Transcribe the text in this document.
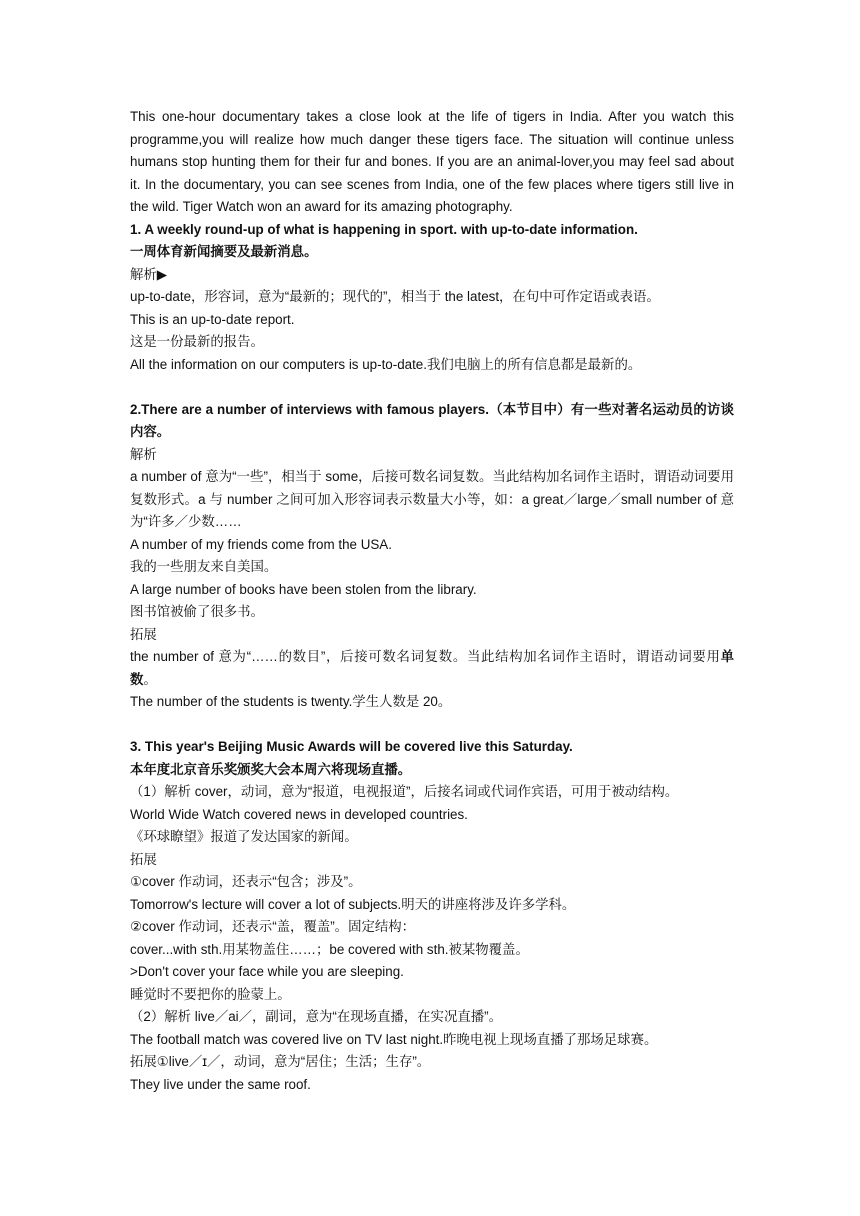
This one-hour documentary takes a close look at the life of tigers in India. After you watch this programme,you will realize how much danger these tigers face. The situation will continue unless humans stop hunting them for their fur and bones. If you are an animal-lover,you may feel sad about it. In the documentary, you can see scenes from India, one of the few places where tigers still live in the wild. Tiger Watch won an award for its amazing photography.

1. A weekly round-up of what is happening in sport. with up-to-date information.

一周体育新闻摘要及最新消息。

解析▶

up-to-date，形容词，意为“最新的；现代的”，相当于 the latest，在句中可作定语或表语。

This is an up-to-date report.

这是一份最新的报告。

All the information on our computers is up-to-date.我们电脑上的所有信息都是最新的。

2.There are a number of interviews with famous players.（本节目中）有一些对著名运动员的访谈内容。

解析

a number of 意为“一些”，相当于 some，后接可数名词复数。当此结构加名词作主语时，谓语动词要用复数形式。a 与 number 之间可加入形容词表示数量大小等，如：a great／large／small number of 意为“许多／少数……

A number of my friends come from the USA.

我的一些朋友来自美国。

A large number of books have been stolen from the library.

图书馆被偷了很多书。

拓展

the number of 意为“……的数目”，后接可数名词复数。当此结构加名词作主语时，谓语动词要用单数。

The number of the students is twenty.学生人数是 20。

3. This year's Beijing Music Awards will be covered live this Saturday.

本年度北京音乐奖颁奖大会本周六将现场直播。

（1）解析 cover，动词，意为“报道，电视报道”，后接名词或代词作宾语，可用于被动结构。

World Wide Watch covered news in developed countries.

《环球瞭望》报道了发达国家的新闻。

拓展

①cover 作动词，还表示“包含；涉及”。

Tomorrow's lecture will cover a lot of subjects.明天的讲座将涉及许多学科。

②cover 作动词，还表示“盖，覆盖”。固定结构：

cover...with sth.用某物盖住……；be covered with sth.被某物覆盖。

>Don't cover your face while you are sleeping.

睡觉时不要把你的脸蒙上。

（2）解析 live／ai／，副词，意为“在现场直播，在实况直播”。

The football match was covered live on TV last night.昨晚电视上现场直播了那场足球赛。

拓展①live／ɪ／，动词，意为“居住；生活；生存”。

They live under the same roof.
